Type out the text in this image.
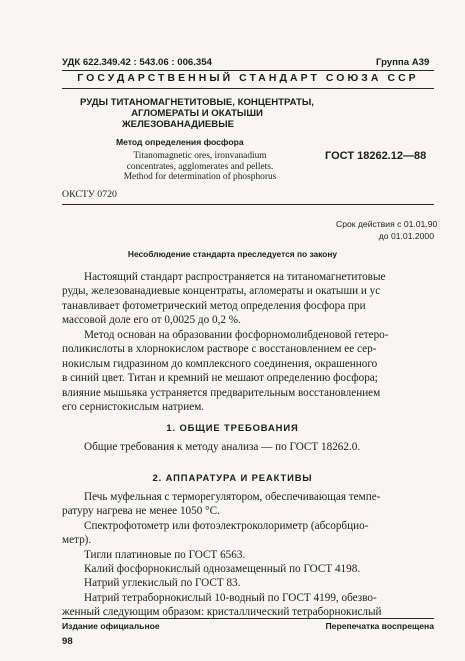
УДК 622.349.42 : 543.06 : 006.354	Группа А39
ГОСУДАРСТВЕННЫЙ СТАНДАРТ СОЮЗА ССР
РУДЫ ТИТАНОМАГНЕТИТОВЫЕ, КОНЦЕНТРАТЫ,
АГЛОМЕРАТЫ И ОКАТЫШИ
ЖЕЛЕЗОВАНАДИЕВЫЕ
Метод определения фосфора
Titanomagnetic ores, ironvanadium
concentrates, agglomerates and pellets.
Method for determination of phosphorus
ГОСТ 18262.12—88
ОКСТУ 0720
Срок действия с 01.01.90
до 01.01.2000
Несоблюдение стандарта преследуется по закону
Настоящий стандарт распространяется на титаномагнетитовые
руды, железованадиевые концентраты, агломераты и окатыши и ус
танавливает фотометрический метод определения фосфора при
массовой доле его от 0,0025 до 0,2 %.
Метод основан на образовании фосфорномолибденовой гетеро-
поликислоты в хлорнокислом растворе с восстановлением ее сер-
нокислым гидразином до комплексного соединения, окрашенного
в синий цвет. Титан и кремний не мешают определению фосфора;
влияние мышьяка устраняется предварительным восстановлением
его сернистокислым натрием.
1. ОБЩИЕ ТРЕБОВАНИЯ
Общие требования к методу анализа — по ГОСТ 18262.0.
2. АППАРАТУРА И РЕАКТИВЫ
Печь муфельная с терморегулятором, обеспечивающая темпе-
ратуру нагрева не менее 1050 °С.
Спектрофотометр или фотоэлектроколориметр (абсорбцио-
метр).
Тигли платиновые по ГОСТ 6563.
Калий фосфорнокислый однозамещенный по ГОСТ 4198.
Натрий углекислый по ГОСТ 83.
Натрий тетраборнокислый 10-водный по ГОСТ 4199, обезво-
женный следующим образом: кристаллический тетраборнокислый
Издание официальное	Перепечатка воспрещена
98
